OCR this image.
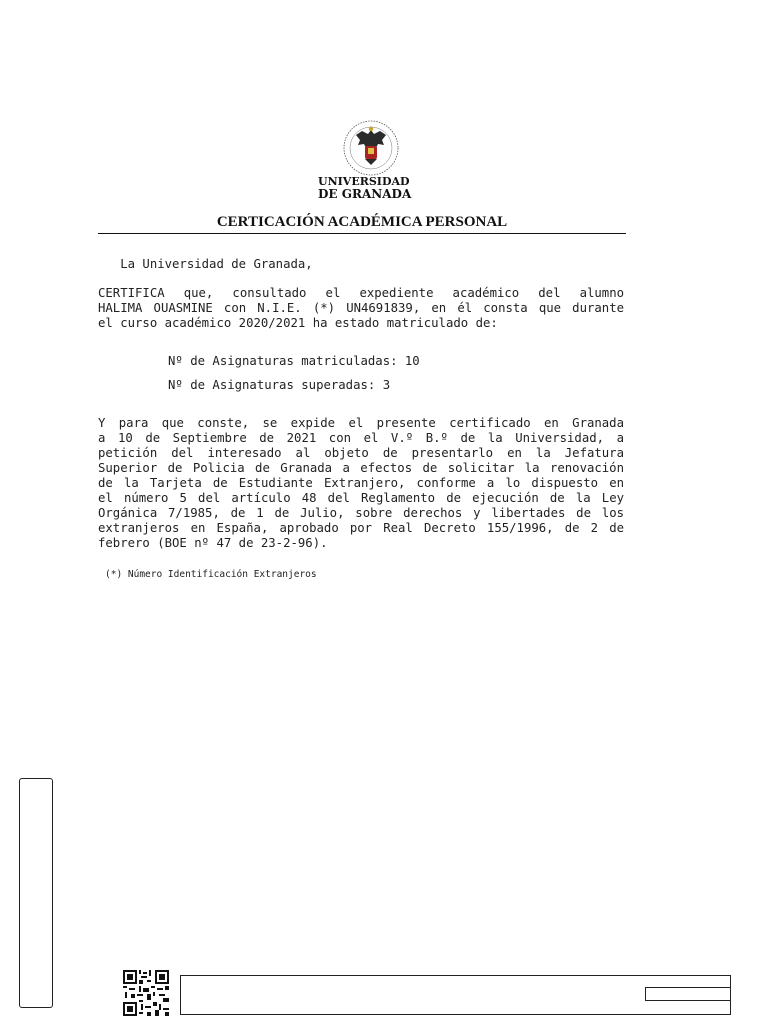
UNIVERSIDAD
DE GRANADA
CERTICACIÓN ACADÉMICA PERSONAL
La Universidad de Granada,
CERTIFICA que, consultado el expediente académico del alumno
HALIMA OUASMINE con N.I.E. (*) UN4691839, en él consta que durante
el curso académico 2020/2021 ha estado matriculado de:
Nº de Asignaturas matriculadas: 10
Nº de Asignaturas superadas: 3
Y para que conste, se expide el presente certificado en Granada
a 10 de Septiembre de 2021 con el V.º B.º de la Universidad, a
petición del interesado al objeto de presentarlo en la Jefatura
Superior de Policia de Granada a efectos de solicitar la renovación
de la Tarjeta de Estudiante Extranjero, conforme a lo dispuesto en
el número 5 del artículo 48 del Reglamento de ejecución de la Ley
Orgánica 7/1985, de 1 de Julio, sobre derechos y libertades de los
extranjeros en España, aprobado por Real Decreto 155/1996, de 2 de
febrero (BOE nº 47 de 23-2-96).
(*) Número Identificación Extranjeros
